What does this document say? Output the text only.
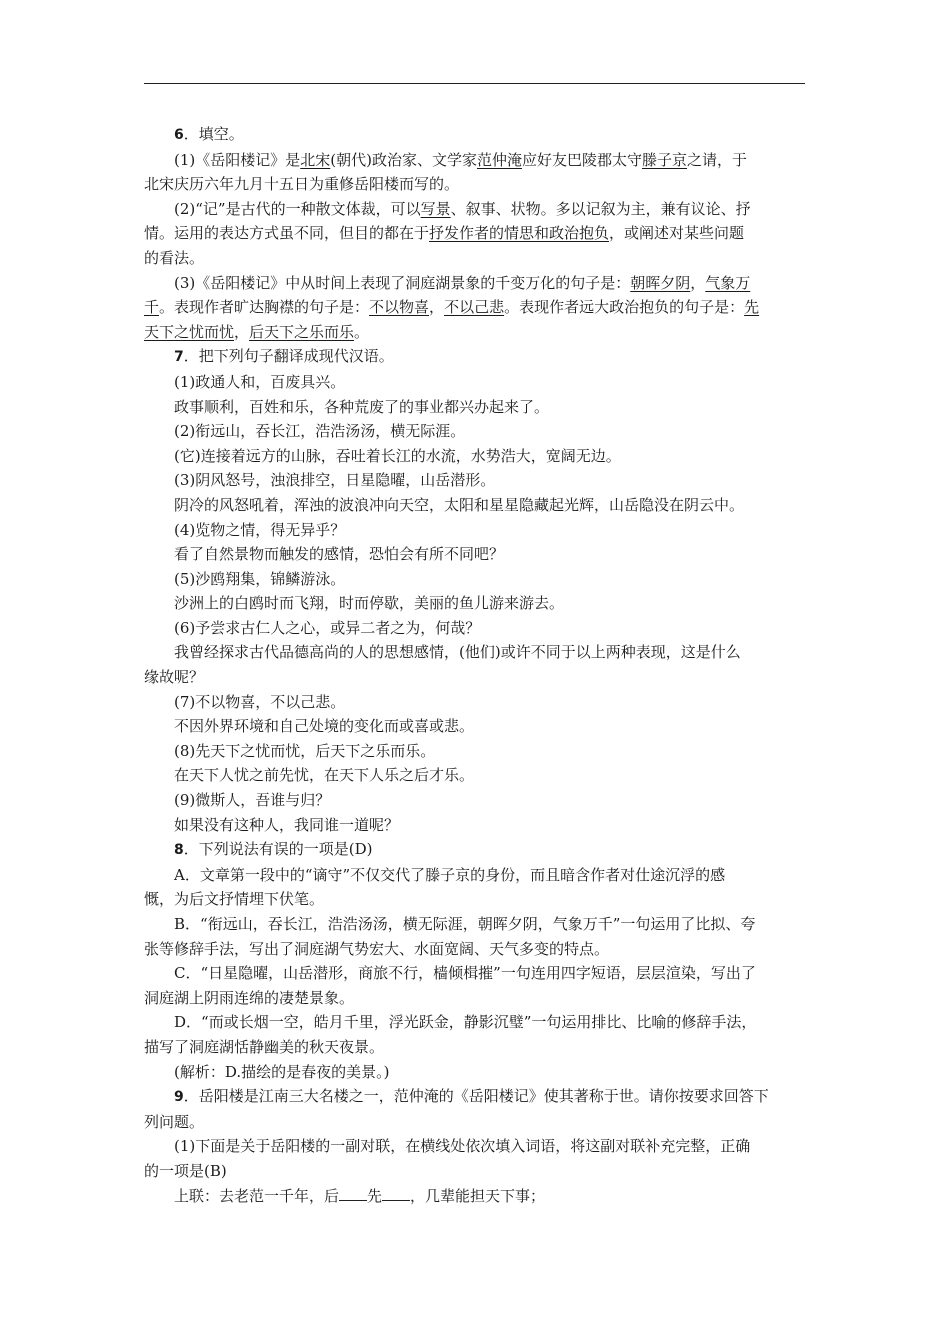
6．填空。
(1)《岳阳楼记》是北宋(朝代)政治家、文学家范仲淹应好友巴陵郡太守滕子京之请，于
北宋庆历六年九月十五日为重修岳阳楼而写的。
(2)“记”是古代的一种散文体裁，可以写景、叙事、状物。多以记叙为主，兼有议论、抒
情。运用的表达方式虽不同，但目的都在于抒发作者的情思和政治抱负，或阐述对某些问题
的看法。
(3)《岳阳楼记》中从时间上表现了洞庭湖景象的千变万化的句子是：朝晖夕阴，气象万
千。表现作者旷达胸襟的句子是：不以物喜，不以己悲。表现作者远大政治抱负的句子是：先
天下之忧而忧，后天下之乐而乐。
7．把下列句子翻译成现代汉语。
(1)政通人和，百废具兴。
政事顺利，百姓和乐，各种荒废了的事业都兴办起来了。
(2)衔远山，吞长江，浩浩汤汤，横无际涯。
(它)连接着远方的山脉，吞吐着长江的水流，水势浩大，宽阔无边。
(3)阴风怒号，浊浪排空，日星隐曜，山岳潜形。
阴冷的风怒吼着，浑浊的波浪冲向天空，太阳和星星隐藏起光辉，山岳隐没在阴云中。
(4)览物之情，得无异乎？
看了自然景物而触发的感情，恐怕会有所不同吧？
(5)沙鸥翔集，锦鳞游泳。
沙洲上的白鸥时而飞翔，时而停歇，美丽的鱼儿游来游去。
(6)予尝求古仁人之心，或异二者之为，何哉？
我曾经探求古代品德高尚的人的思想感情，(他们)或许不同于以上两种表现，这是什么
缘故呢？
(7)不以物喜，不以己悲。
不因外界环境和自己处境的变化而或喜或悲。
(8)先天下之忧而忧，后天下之乐而乐。
在天下人忧之前先忧，在天下人乐之后才乐。
(9)微斯人，吾谁与归？
如果没有这种人，我同谁一道呢？
8．下列说法有误的一项是(D)
A．文章第一段中的“谪守”不仅交代了滕子京的身份，而且暗含作者对仕途沉浮的感
慨，为后文抒情埋下伏笔。
B．“衔远山，吞长江，浩浩汤汤，横无际涯，朝晖夕阴，气象万千”一句运用了比拟、夸
张等修辞手法，写出了洞庭湖气势宏大、水面宽阔、天气多变的特点。
C．“日星隐曜，山岳潜形，商旅不行，樯倾楫摧”一句连用四字短语，层层渲染，写出了
洞庭湖上阴雨连绵的凄楚景象。
D．“而或长烟一空，皓月千里，浮光跃金，静影沉璧”一句运用排比、比喻的修辞手法，
描写了洞庭湖恬静幽美的秋天夜景。
(解析：D.描绘的是春夜的美景。)
9．岳阳楼是江南三大名楼之一，范仲淹的《岳阳楼记》使其著称于世。请你按要求回答下
列问题。
(1)下面是关于岳阳楼的一副对联，在横线处依次填入词语，将这副对联补充完整，正确
的一项是(B)
上联：去老范一千年，后 先 ，几辈能担天下事；
